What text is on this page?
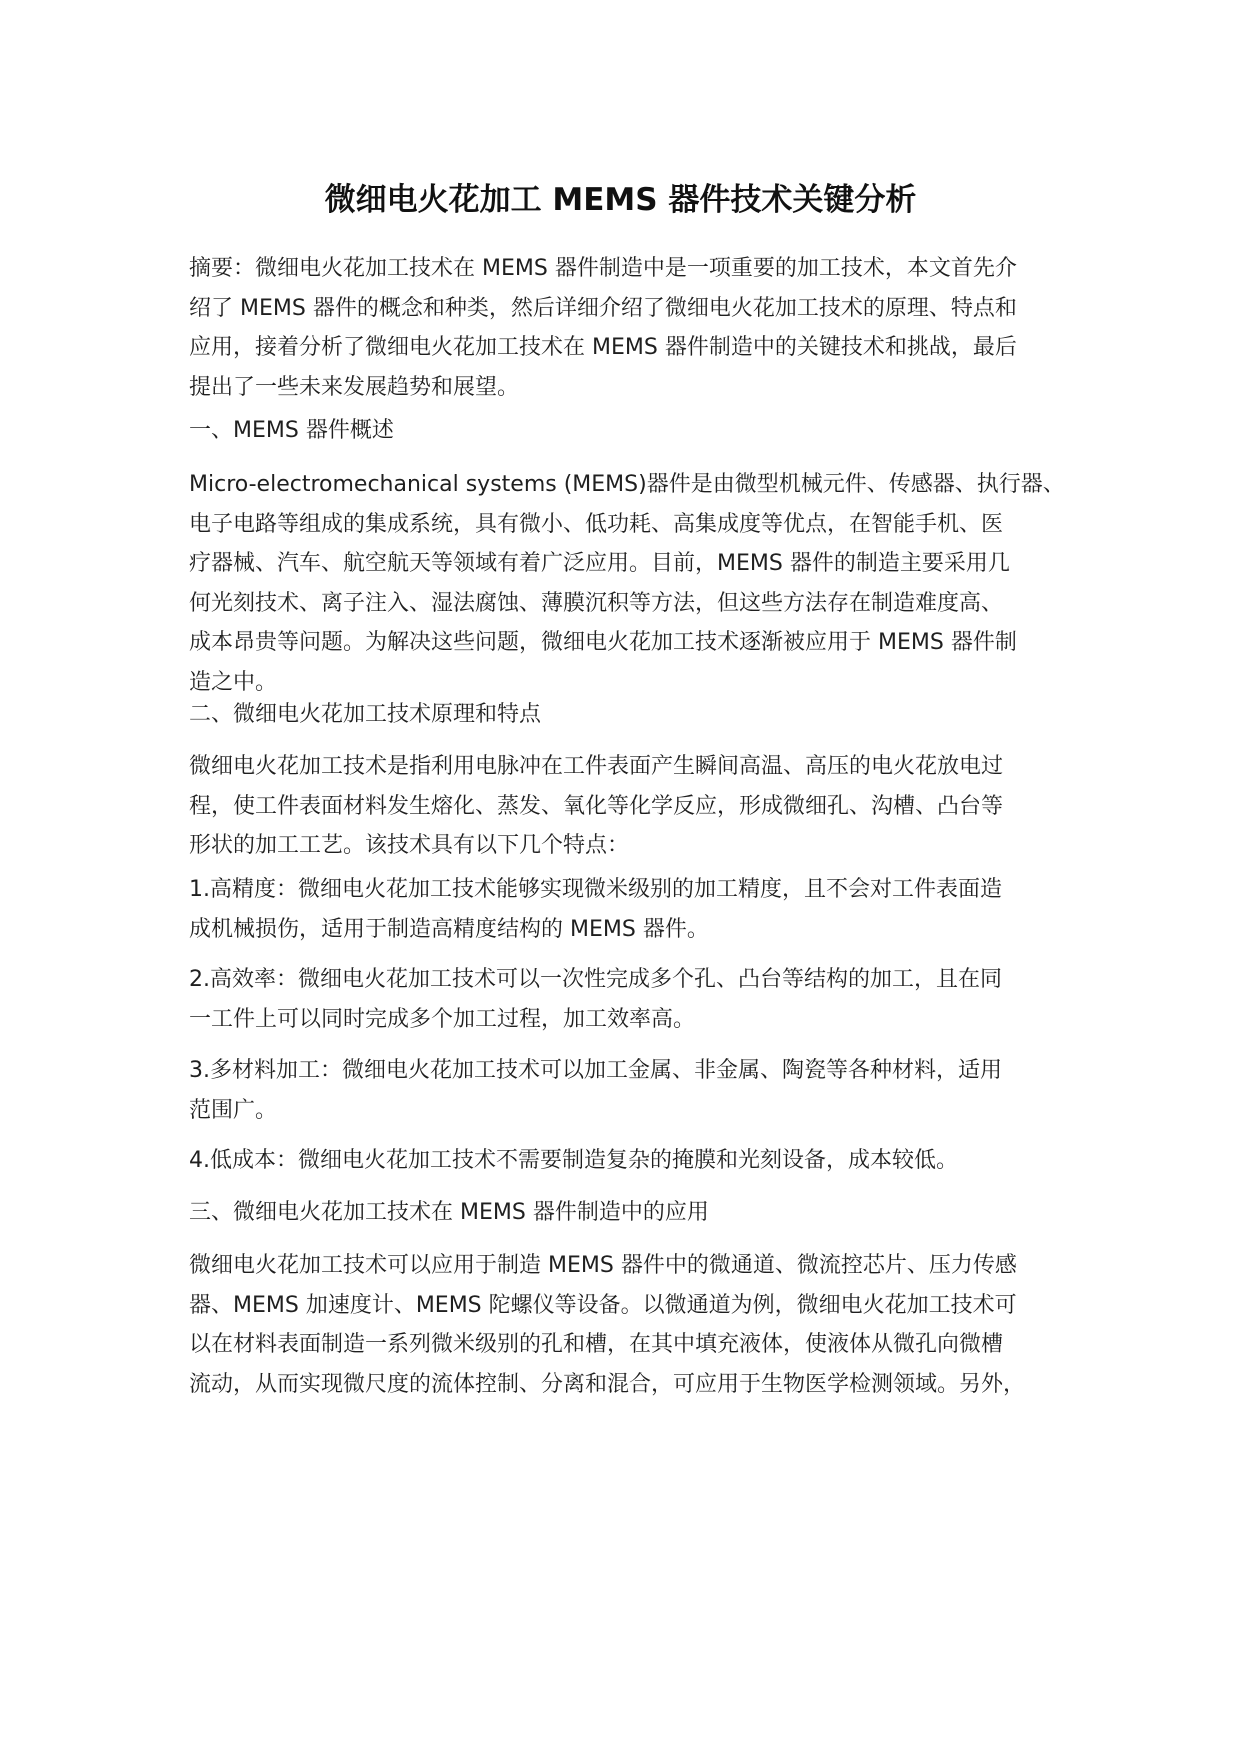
微细电火花加工 MEMS 器件技术关键分析
摘要：微细电火花加工技术在 MEMS 器件制造中是一项重要的加工技术，本文首先介
绍了 MEMS 器件的概念和种类，然后详细介绍了微细电火花加工技术的原理、特点和
应用，接着分析了微细电火花加工技术在 MEMS 器件制造中的关键技术和挑战，最后
提出了一些未来发展趋势和展望。
一、MEMS 器件概述
Micro-electromechanical systems (MEMS)器件是由微型机械元件、传感器、执行器、
电子电路等组成的集成系统，具有微小、低功耗、高集成度等优点，在智能手机、医
疗器械、汽车、航空航天等领域有着广泛应用。目前，MEMS 器件的制造主要采用几
何光刻技术、离子注入、湿法腐蚀、薄膜沉积等方法，但这些方法存在制造难度高、
成本昂贵等问题。为解决这些问题，微细电火花加工技术逐渐被应用于 MEMS 器件制
造之中。
二、微细电火花加工技术原理和特点
微细电火花加工技术是指利用电脉冲在工件表面产生瞬间高温、高压的电火花放电过
程，使工件表面材料发生熔化、蒸发、氧化等化学反应，形成微细孔、沟槽、凸台等
形状的加工工艺。该技术具有以下几个特点：
1.高精度：微细电火花加工技术能够实现微米级别的加工精度，且不会对工件表面造
成机械损伤，适用于制造高精度结构的 MEMS 器件。
2.高效率：微细电火花加工技术可以一次性完成多个孔、凸台等结构的加工，且在同
一工件上可以同时完成多个加工过程，加工效率高。
3.多材料加工：微细电火花加工技术可以加工金属、非金属、陶瓷等各种材料，适用
范围广。
4.低成本：微细电火花加工技术不需要制造复杂的掩膜和光刻设备，成本较低。
三、微细电火花加工技术在 MEMS 器件制造中的应用
微细电火花加工技术可以应用于制造 MEMS 器件中的微通道、微流控芯片、压力传感
器、MEMS 加速度计、MEMS 陀螺仪等设备。以微通道为例，微细电火花加工技术可
以在材料表面制造一系列微米级别的孔和槽，在其中填充液体，使液体从微孔向微槽
流动，从而实现微尺度的流体控制、分离和混合，可应用于生物医学检测领域。另外，
